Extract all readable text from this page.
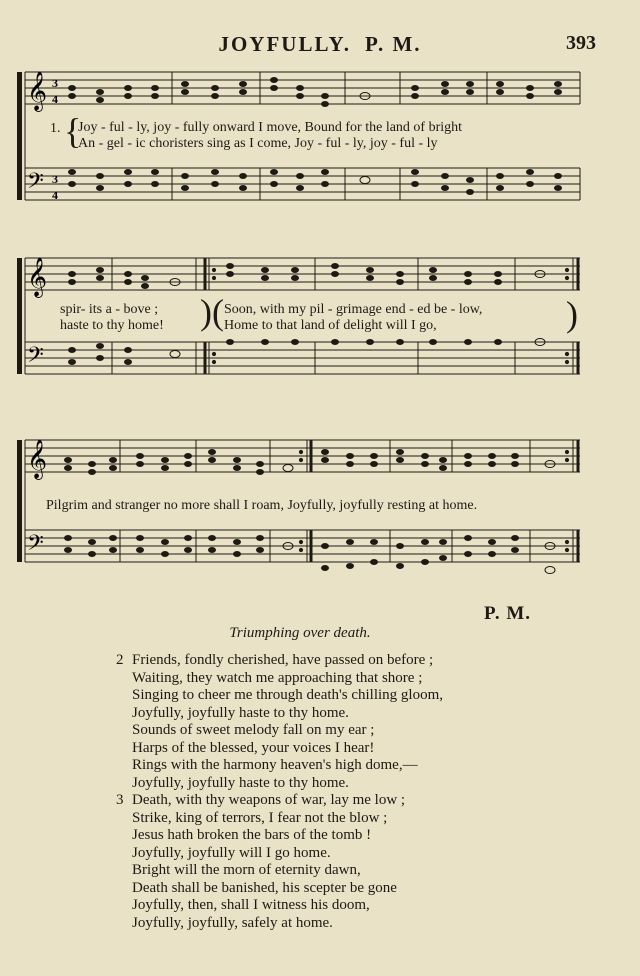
JOYFULLY. P. M.	393
𝄞
𝄢
3
4
3
4
1. {
Joy - ful - ly, joy - fully onward I move, Bound for the land of bright
An - gel - ic choristers sing as I come, Joy - ful - ly, joy - ful - ly
𝄞
𝄢
spir- its a - bove ;
haste to thy home! )( Soon, with my pil - grimage end - ed be - low,
Home to that land of delight will I go,	)
𝄞
𝄢
Pilgrim and stranger no more shall I roam, Joyfully, joyfully resting at home.
P. M.
Triumphing over death.
2 Friends, fondly cherished, have passed on before ;
Waiting, they watch me approaching that shore ;
Singing to cheer me through death's chilling gloom,
Joyfully, joyfully haste to thy home.
Sounds of sweet melody fall on my ear ;
Harps of the blessed, your voices I hear!
Rings with the harmony heaven's high dome,—
Joyfully, joyfully haste to thy home.
3 Death, with thy weapons of war, lay me low ;
Strike, king of terrors, I fear not the blow ;
Jesus hath broken the bars of the tomb !
Joyfully, joyfully will I go home.
Bright will the morn of eternity dawn,
Death shall be banished, his scepter be gone
Joyfully, then, shall I witness his doom,
Joyfully, joyfully, safely at home.
